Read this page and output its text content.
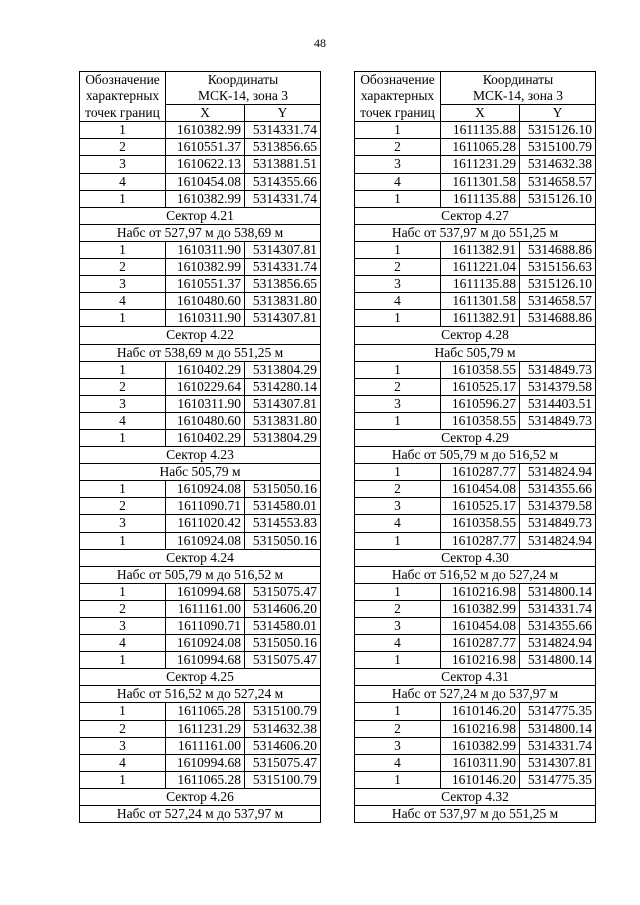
48
Обозначение	Координаты	
характерных	МСК-14, зона 3	
точек границ	X	Y
1	1610382.99	5314331.74
2	1610551.37	5313856.65
3	1610622.13	5313881.51
4	1610454.08	5314355.66
1	1610382.99	5314331.74
Сектор 4.21		
Набс от 527,97 м до 538,69 м		
1	1610311.90	5314307.81
2	1610382.99	5314331.74
3	1610551.37	5313856.65
4	1610480.60	5313831.80
1	1610311.90	5314307.81
Сектор 4.22		
Набс от 538,69 м до 551,25 м		
1	1610402.29	5313804.29
2	1610229.64	5314280.14
3	1610311.90	5314307.81
4	1610480.60	5313831.80
1	1610402.29	5313804.29
Сектор 4.23		
Набс 505,79 м		
1	1610924.08	5315050.16
2	1611090.71	5314580.01
3	1611020.42	5314553.83
1	1610924.08	5315050.16
Сектор 4.24		
Набс от 505,79 м до 516,52 м		
1	1610994.68	5315075.47
2	1611161.00	5314606.20
3	1611090.71	5314580.01
4	1610924.08	5315050.16
1	1610994.68	5315075.47
Сектор 4.25		
Набс от 516,52 м до 527,24 м		
1	1611065.28	5315100.79
2	1611231.29	5314632.38
3	1611161.00	5314606.20
4	1610994.68	5315075.47
1	1611065.28	5315100.79
Сектор 4.26		
Набс от 527,24 м до 537,97 м		
Обозначение	Координаты	
характерных	МСК-14, зона 3	
точек границ	X	Y
1	1611135.88	5315126.10
2	1611065.28	5315100.79
3	1611231.29	5314632.38
4	1611301.58	5314658.57
1	1611135.88	5315126.10
Сектор 4.27		
Набс от 537,97 м до 551,25 м		
1	1611382.91	5314688.86
2	1611221.04	5315156.63
3	1611135.88	5315126.10
4	1611301.58	5314658.57
1	1611382.91	5314688.86
Сектор 4.28		
Набс 505,79 м		
1	1610358.55	5314849.73
2	1610525.17	5314379.58
3	1610596.27	5314403.51
1	1610358.55	5314849.73
Сектор 4.29		
Набс от 505,79 м до 516,52 м		
1	1610287.77	5314824.94
2	1610454.08	5314355.66
3	1610525.17	5314379.58
4	1610358.55	5314849.73
1	1610287.77	5314824.94
Сектор 4.30		
Набс от 516,52 м до 527,24 м		
1	1610216.98	5314800.14
2	1610382.99	5314331.74
3	1610454.08	5314355.66
4	1610287.77	5314824.94
1	1610216.98	5314800.14
Сектор 4.31		
Набс от 527,24 м до 537,97 м		
1	1610146.20	5314775.35
2	1610216.98	5314800.14
3	1610382.99	5314331.74
4	1610311.90	5314307.81
1	1610146.20	5314775.35
Сектор 4.32		
Набс от 537,97 м до 551,25 м		
